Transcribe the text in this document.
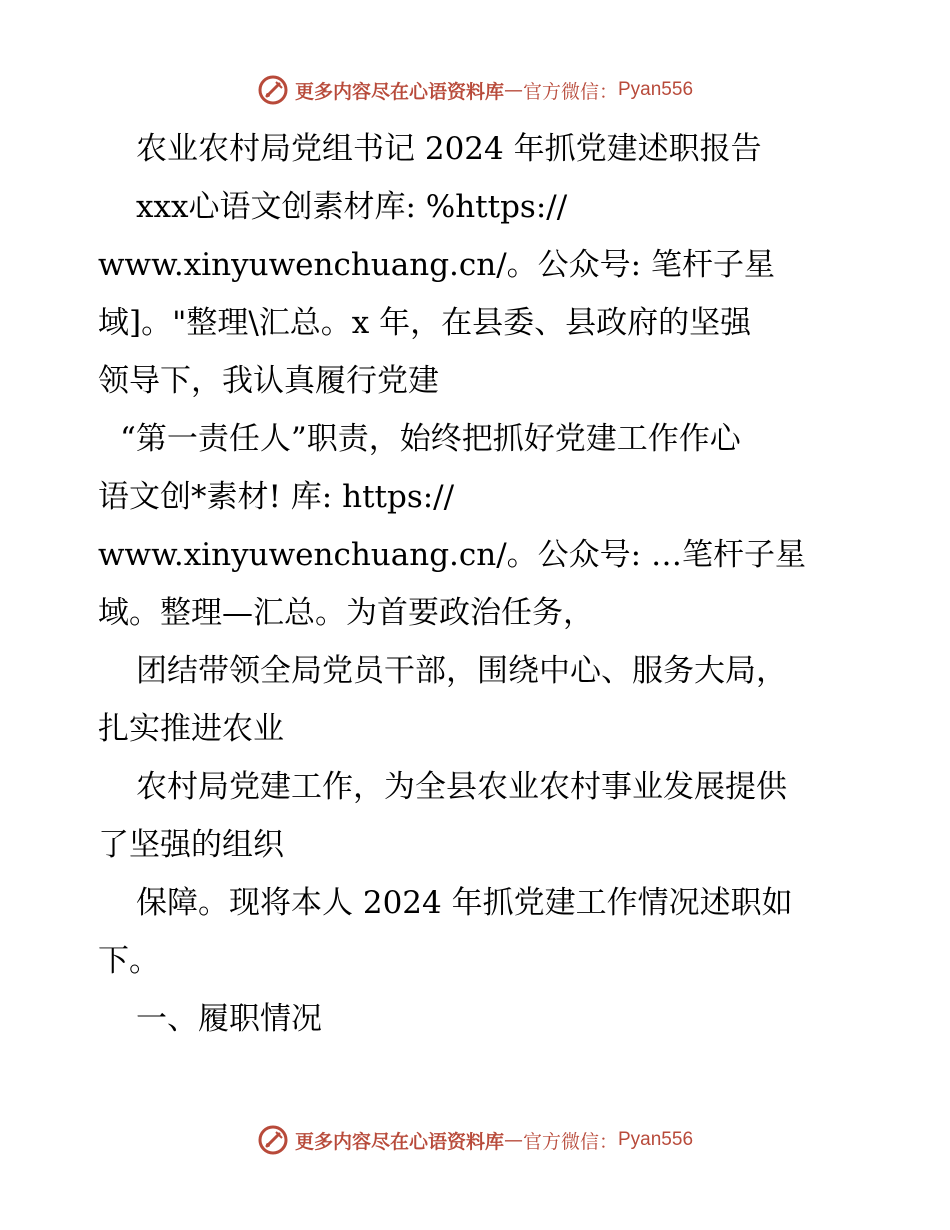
更多内容尽在心语资料库 — 官方微信： Pyan556
农业农村局党组书记 2024 年抓党建述职报告
xxx心语文创素材库: %https://
www.xinyuwenchuang.cn/。公众号: 笔杆子星
域]。"整理\汇总。x 年，在县委、县政府的坚强
领导下，我认真履行党建
“第一责任人”职责，始终把抓好党建工作作心
语文创*素材! 库: https://
www.xinyuwenchuang.cn/。公众号: …笔杆子星
域。整理—汇总。为首要政治任务，
团结带领全局党员干部，围绕中心、服务大局，
扎实推进农业
农村局党建工作，为全县农业农村事业发展提供
了坚强的组织
保障。现将本人 2024 年抓党建工作情况述职如
下。
一、履职情况
更多内容尽在心语资料库 — 官方微信： Pyan556
